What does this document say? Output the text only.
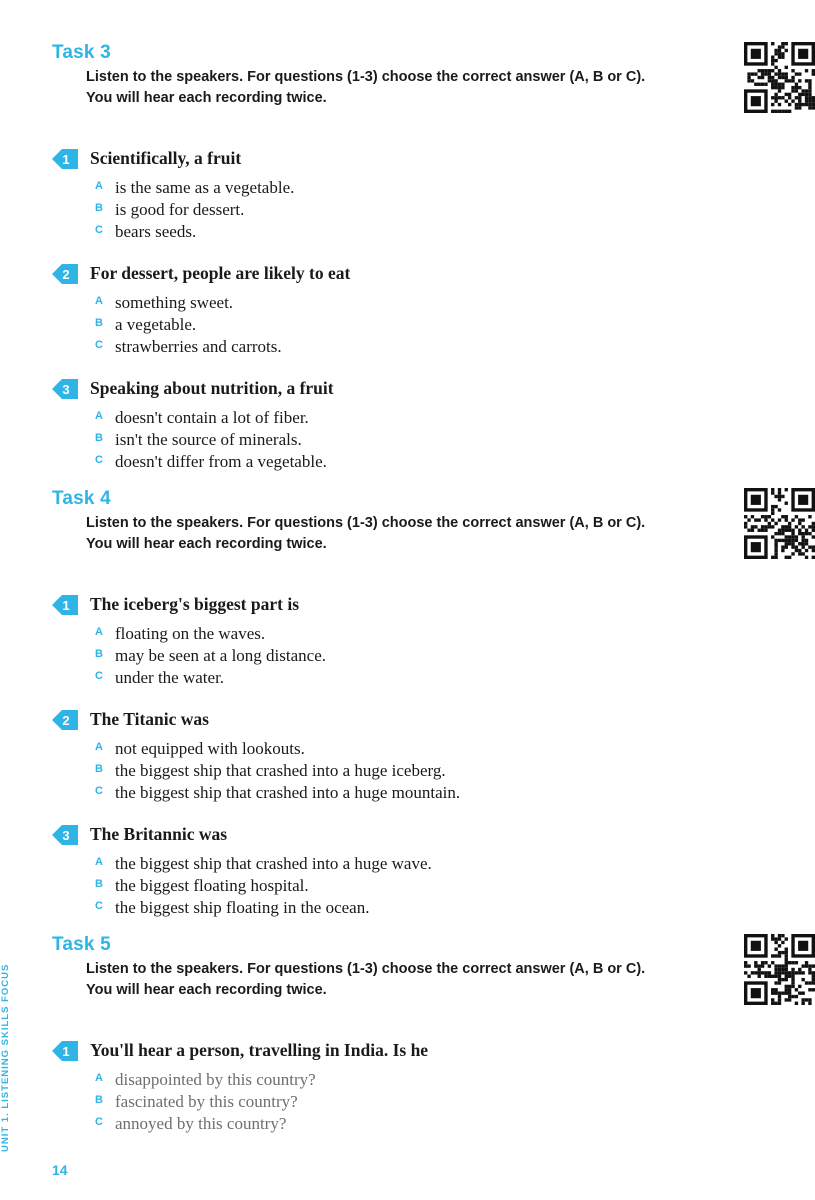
Task 3
Listen to the speakers. For questions (1-3) choose the correct answer (A, B or C).
You will hear each recording twice.
1 Scientifically, a fruit
A is the same as a vegetable.
B is good for dessert.
C bears seeds.
2 For dessert, people are likely to eat
A something sweet.
B a vegetable.
C strawberries and carrots.
3 Speaking about nutrition, a fruit
A doesn't contain a lot of fiber.
B isn't the source of minerals.
C doesn't differ from a vegetable.
Task 4
Listen to the speakers. For questions (1-3) choose the correct answer (A, B or C).
You will hear each recording twice.
1 The iceberg's biggest part is
A floating on the waves.
B may be seen at a long distance.
C under the water.
2 The Titanic was
A not equipped with lookouts.
B the biggest ship that crashed into a huge iceberg.
C the biggest ship that crashed into a huge mountain.
3 The Britannic was
A the biggest ship that crashed into a huge wave.
B the biggest floating hospital.
C the biggest ship floating in the ocean.
Task 5
Listen to the speakers. For questions (1-3) choose the correct answer (A, B or C).
You will hear each recording twice.
1 You'll hear a person, travelling in India. Is he
A disappointed by this country?
B fascinated by this country?
C annoyed by this country?
UNIT 1. LISTENING SKILLS FOCUS
14
